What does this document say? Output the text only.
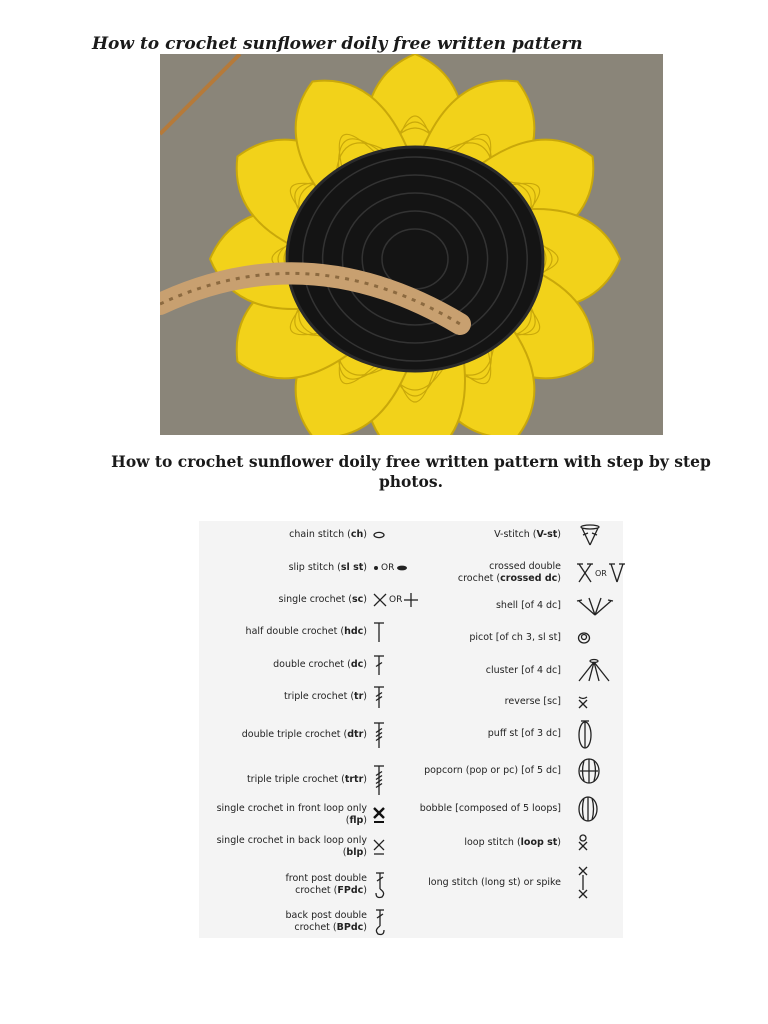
How to crochet sunflower doily free written pattern
How to crochet sunflower doily free written pattern with step by step photos.
chain stitch (ch)
slip stitch (sl st) OR
single crochet (sc) OR
half double crochet (hdc)
double crochet (dc)
triple crochet (tr)
double triple crochet (dtr)
triple triple crochet (trtr)
single crochet in front loop only (flp)
single crochet in back loop only (blp)
front post double
crochet (FPdc)
back post double
crochet (BPdc)
V-stitch (V-st)
crossed double
crochet (crossed dc)	OR
shell [of 4 dc]
picot [of ch 3, sl st]
cluster [of 4 dc]
reverse [sc]
puff st [of 3 dc]
popcorn (pop or pc) [of 5 dc]
bobble [composed of 5 loops]
loop stitch (loop st)
long stitch (long st) or spike
